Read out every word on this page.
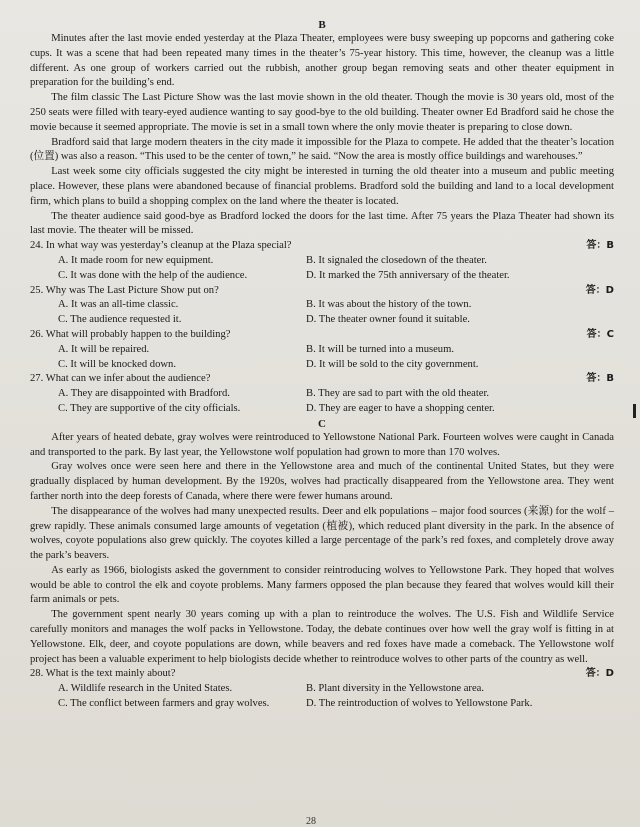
B

Minutes after the last movie ended yesterday at the Plaza Theater, employees were busy sweeping up popcorns and gathering coke cups. It was a scene that had been repeated many times in the theater’s 75-year history. This time, however, the cleanup was a little different. As one group of workers carried out the rubbish, another group began removing seats and other theater equipment in preparation for the building’s end.

The film classic The Last Picture Show was the last movie shown in the old theater. Though the movie is 30 years old, most of the 250 seats were filled with teary-eyed audience wanting to say good-bye to the old building. Theater owner Ed Bradford said he chose the movie because it seemed appropriate. The movie is set in a small town where the only movie theater is preparing to close down.

Bradford said that large modern theaters in the city made it impossible for the Plaza to compete. He added that the theater’s location (位置) was also a reason. “This used to be the center of town,” he said. “Now the area is mostly office buildings and warehouses.”

Last week some city officials suggested the city might be interested in turning the old theater into a museum and public meeting place. However, these plans were abandoned because of financial problems. Bradford sold the building and land to a local development firm, which plans to build a shopping complex on the land where the theater is located.

The theater audience said good-bye as Bradford locked the doors for the last time. After 75 years the Plaza Theater had shown its last movie. The theater will be missed.

24. In what way was yesterday’s cleanup at the Plaza special?	答：B
A. It made room for new equipment.	B. It signaled the closedown of the theater.
C. It was done with the help of the audience.	D. It marked the 75th anniversary of the theater.
25. Why was The Last Picture Show put on?	答：D
A. It was an all-time classic.	B. It was about the history of the town.
C. The audience requested it.	D. The theater owner found it suitable.
26. What will probably happen to the building?	答：C
A. It will be repaired.	B. It will be turned into a museum.
C. It will be knocked down.	D. It will be sold to the city government.
27. What can we infer about the audience?	答：B
A. They are disappointed with Bradford.	B. They are sad to part with the old theater.
C. They are supportive of the city officials.	D. They are eager to have a shopping center.
C

After years of heated debate, gray wolves were reintroduced to Yellowstone National Park. Fourteen wolves were caught in Canada and transported to the park. By last year, the Yellowstone wolf population had grown to more than 170 wolves.

Gray wolves once were seen here and there in the Yellowstone area and much of the continental United States, but they were gradually displaced by human development. By the 1920s, wolves had practically disappeared from the Yellowstone area. They went farther north into the deep forests of Canada, where there were fewer humans around.

The disappearance of the wolves had many unexpected results. Deer and elk populations – major food sources (来源) for the wolf – grew rapidly. These animals consumed large amounts of vegetation (植被), which reduced plant diversity in the park. In the absence of wolves, coyote populations also grew quickly. The coyotes killed a large percentage of the park’s red foxes, and completely drove away the park’s beavers.

As early as 1966, biologists asked the government to consider reintroducing wolves to Yellowstone Park. They hoped that wolves would be able to control the elk and coyote problems. Many farmers opposed the plan because they feared that wolves would kill their farm animals or pets.

The government spent nearly 30 years coming up with a plan to reintroduce the wolves. The U.S. Fish and Wildlife Service carefully monitors and manages the wolf packs in Yellowstone. Today, the debate continues over how well the gray wolf is fitting in at Yellowstone. Elk, deer, and coyote populations are down, while beavers and red foxes have made a comeback. The Yellowstone wolf project has been a valuable experiment to help biologists decide whether to reintroduce wolves to other parts of the country as well.

28. What is the text mainly about?	答：D
A. Wildlife research in the United States.	B. Plant diversity in the Yellowstone area.
C. The conflict between farmers and gray wolves.	D. The reintroduction of wolves to Yellowstone Park.
28
